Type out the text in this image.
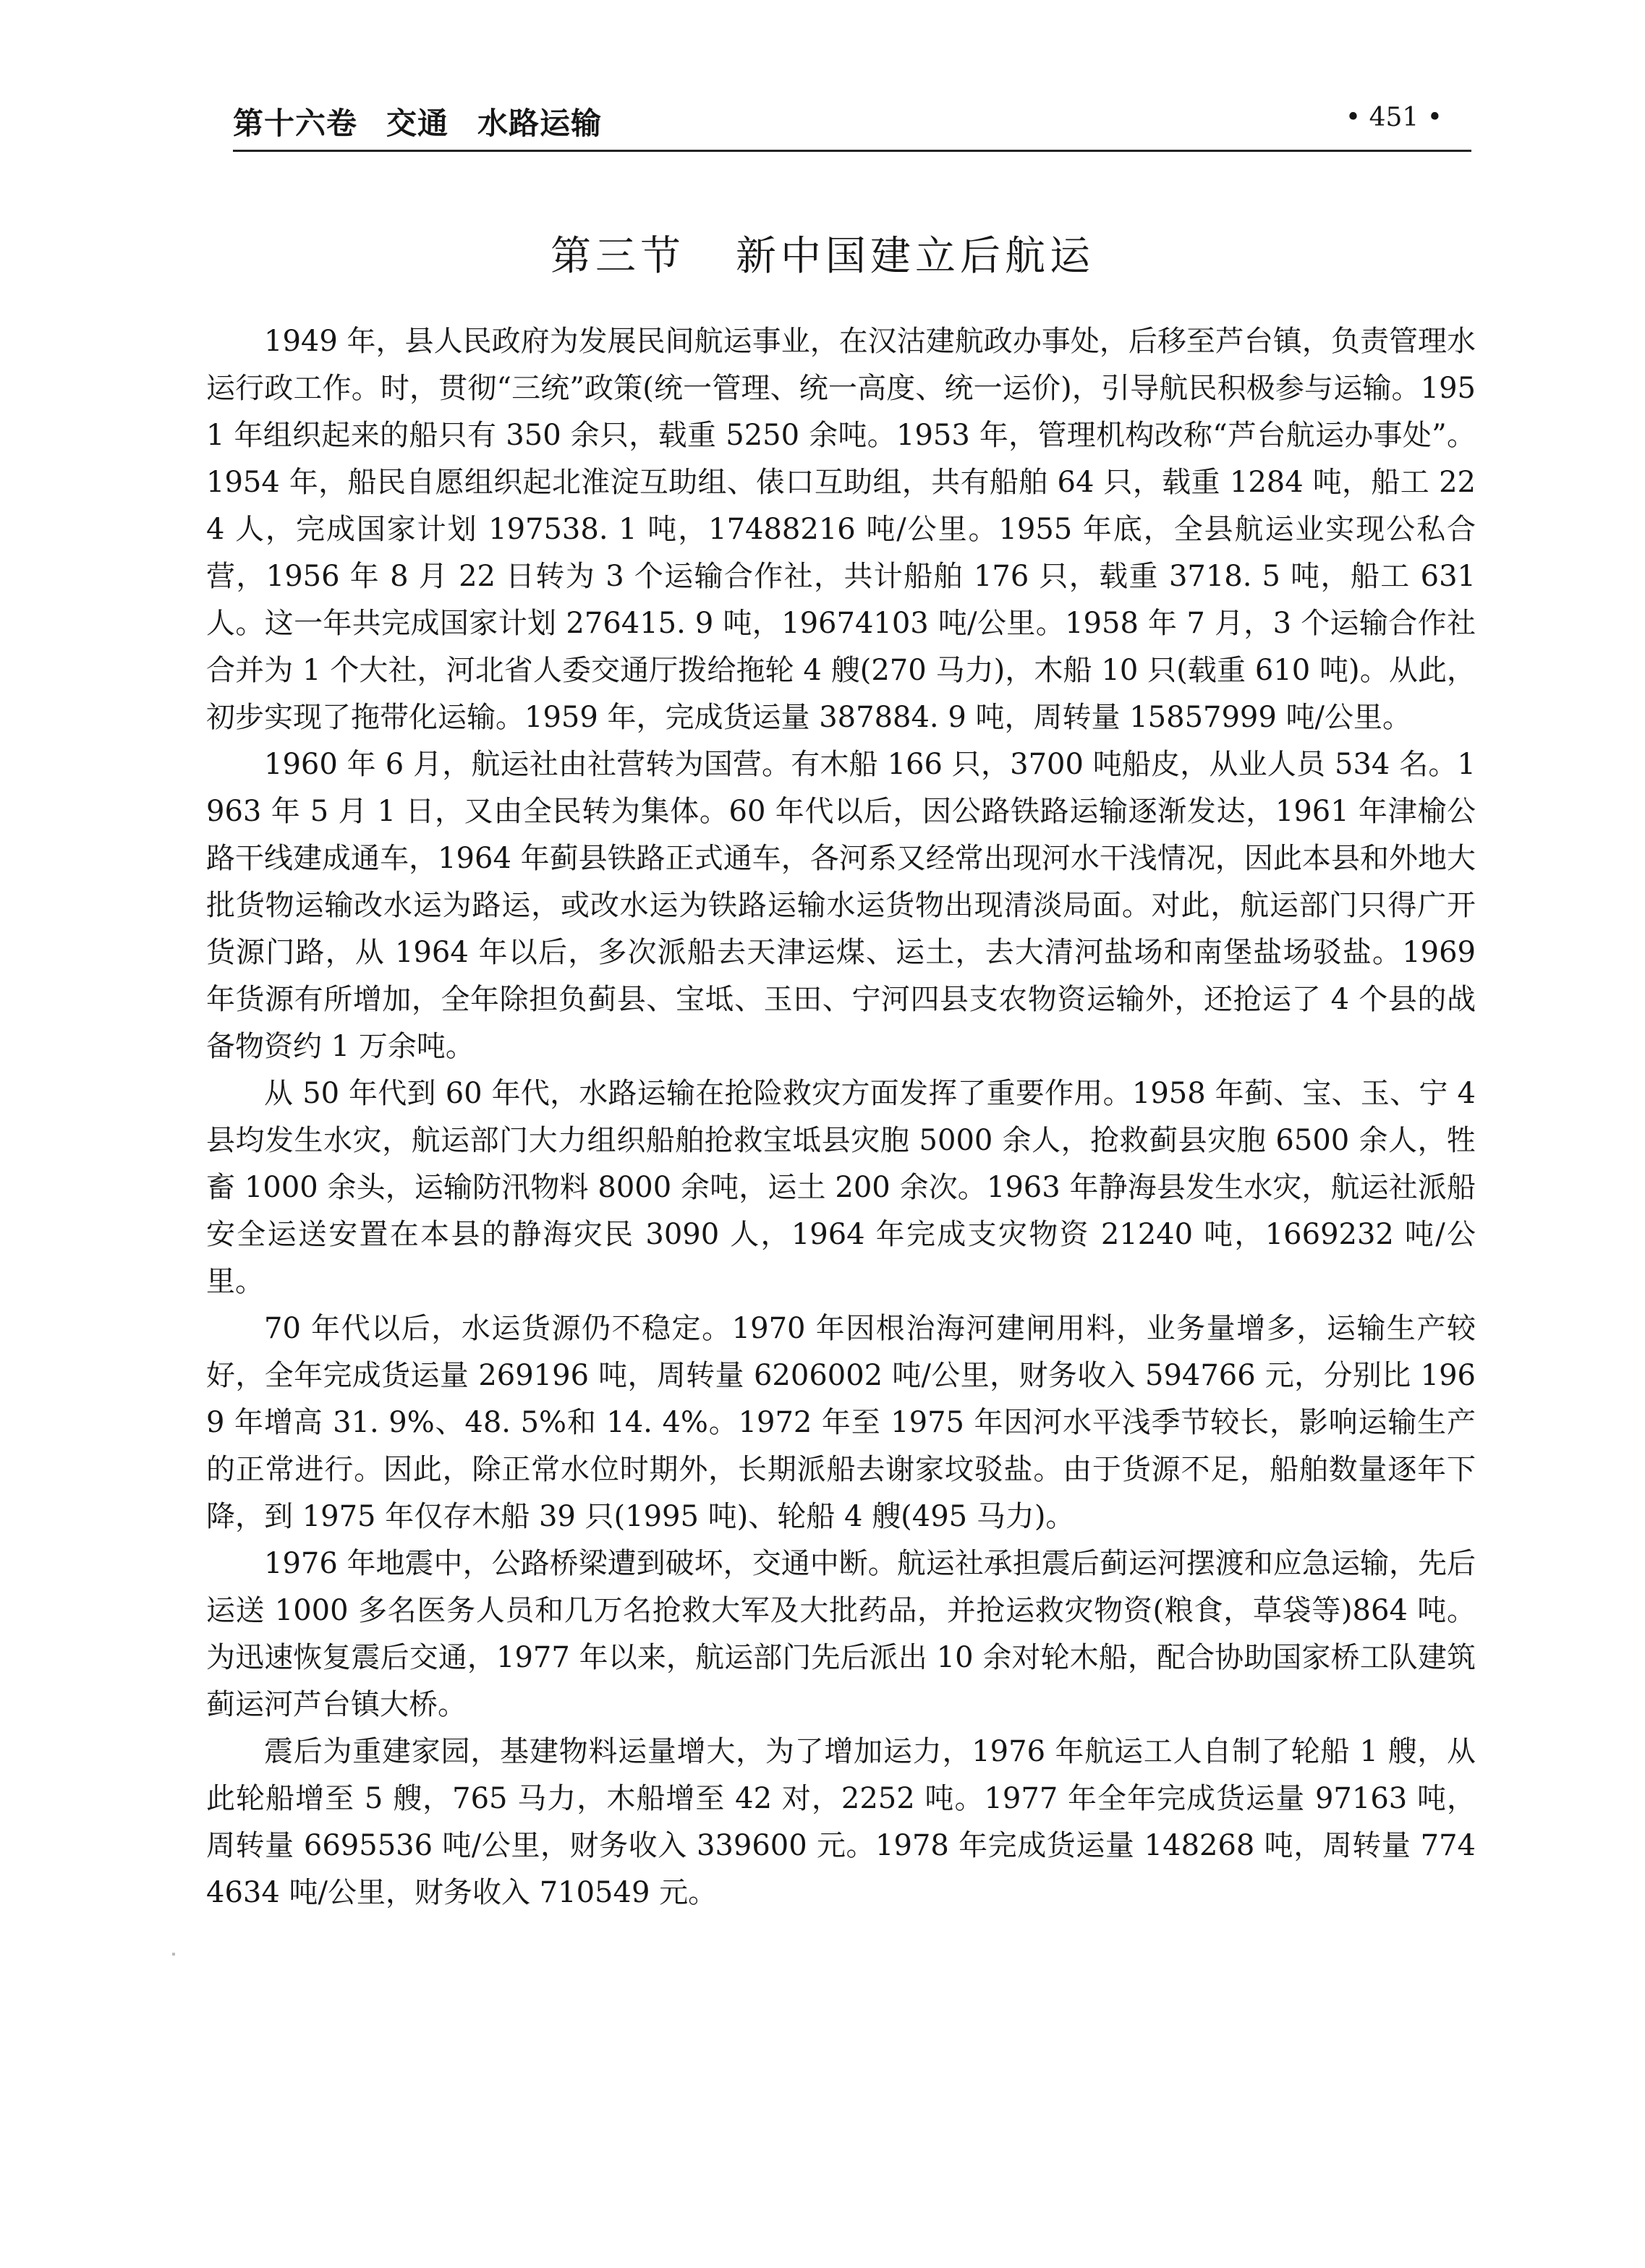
第十六卷 交通 水路运输	• 451 •
第三节 新中国建立后航运

1949 年，县人民政府为发展民间航运事业，在汉沽建航政办事处，后移至芦台镇，负责管理水运行政工作。时，贯彻“三统”政策(统一管理、统一高度、统一运价)，引导航民积极参与运输。1951 年组织起来的船只有 350 余只，载重 5250 余吨。1953 年，管理机构改称“芦台航运办事处”。1954 年，船民自愿组织起北淮淀互助组、俵口互助组，共有船舶 64 只，载重 1284 吨，船工 224 人，完成国家计划 197538. 1 吨，17488216 吨/公里。1955 年底，全县航运业实现公私合营，1956 年 8 月 22 日转为 3 个运输合作社，共计船舶 176 只，载重 3718. 5 吨，船工 631 人。这一年共完成国家计划 276415. 9 吨，19674103 吨/公里。1958 年 7 月，3 个运输合作社合并为 1 个大社，河北省人委交通厅拨给拖轮 4 艘(270 马力)，木船 10 只(载重 610 吨)。从此，初步实现了拖带化运输。1959 年，完成货运量 387884. 9 吨，周转量 15857999 吨/公里。

1960 年 6 月，航运社由社营转为国营。有木船 166 只，3700 吨船皮，从业人员 534 名。1963 年 5 月 1 日，又由全民转为集体。60 年代以后，因公路铁路运输逐渐发达，1961 年津榆公路干线建成通车，1964 年蓟县铁路正式通车，各河系又经常出现河水干浅情况，因此本县和外地大批货物运输改水运为路运，或改水运为铁路运输水运货物出现清淡局面。对此，航运部门只得广开货源门路，从 1964 年以后，多次派船去天津运煤、运土，去大清河盐场和南堡盐场驳盐。1969 年货源有所增加，全年除担负蓟县、宝坻、玉田、宁河四县支农物资运输外，还抢运了 4 个县的战备物资约 1 万余吨。

从 50 年代到 60 年代，水路运输在抢险救灾方面发挥了重要作用。1958 年蓟、宝、玉、宁 4 县均发生水灾，航运部门大力组织船舶抢救宝坻县灾胞 5000 余人，抢救蓟县灾胞 6500 余人，牲畜 1000 余头，运输防汛物料 8000 余吨，运土 200 余次。1963 年静海县发生水灾，航运社派船安全运送安置在本县的静海灾民 3090 人，1964 年完成支灾物资 21240 吨，1669232 吨/公里。

70 年代以后，水运货源仍不稳定。1970 年因根治海河建闸用料，业务量增多，运输生产较好，全年完成货运量 269196 吨，周转量 6206002 吨/公里，财务收入 594766 元，分别比 1969 年增高 31. 9%、48. 5%和 14. 4%。1972 年至 1975 年因河水平浅季节较长，影响运输生产的正常进行。因此，除正常水位时期外，长期派船去谢家坟驳盐。由于货源不足，船舶数量逐年下降，到 1975 年仅存木船 39 只(1995 吨)、轮船 4 艘(495 马力)。

1976 年地震中，公路桥梁遭到破坏，交通中断。航运社承担震后蓟运河摆渡和应急运输，先后运送 1000 多名医务人员和几万名抢救大军及大批药品，并抢运救灾物资(粮食，草袋等)864 吨。为迅速恢复震后交通，1977 年以来，航运部门先后派出 10 余对轮木船，配合协助国家桥工队建筑蓟运河芦台镇大桥。

震后为重建家园，基建物料运量增大，为了增加运力，1976 年航运工人自制了轮船 1 艘，从此轮船增至 5 艘，765 马力，木船增至 42 对，2252 吨。1977 年全年完成货运量 97163 吨，周转量 6695536 吨/公里，财务收入 339600 元。1978 年完成货运量 148268 吨，周转量 7744634 吨/公里，财务收入 710549 元。
